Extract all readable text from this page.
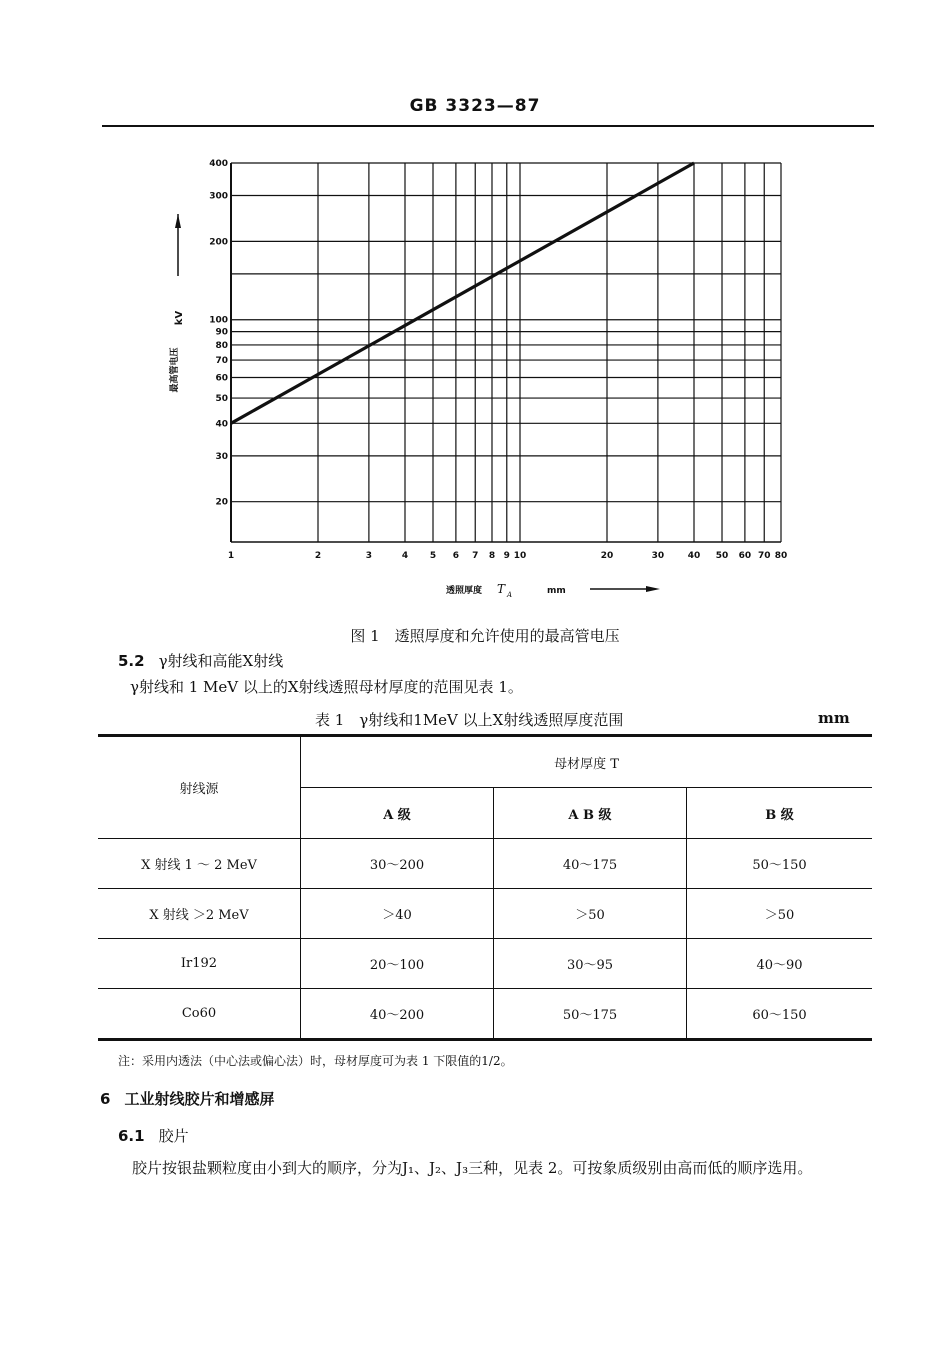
GB 3323—87
1	2	3	4 5 6 7 8 9 10	20	30	40 50 60 70 80
20
30
40
50
60
70
80
90
100
200
300
400
最高管电压
kV
透照厚度 T A	mm
图 1　透照厚度和允许使用的最高管电压
5.2 γ射线和高能X射线
γ射线和 1 MeV 以上的X射线透照母材厚度的范围见表 1。
表 1　γ射线和1MeV 以上X射线透照厚度范围	mm
射线源	母材厚度 T		
	A 级	A B 级	B 级
X 射线 1 ～ 2 MeV	30～200	40～175	50～150
X 射线 ＞2 MeV	＞40	＞50	＞50
Ir192	20～100	30～95	40～90
Co60	40～200	50～175	60～150
注：采用内透法（中心法或偏心法）时，母材厚度可为表 1 下限值的1/2。
6 工业射线胶片和增感屏
6.1 胶片
胶片按银盐颗粒度由小到大的顺序，分为J₁、J₂、J₃三种，见表 2。可按象质级别由高而低的顺序选用。
